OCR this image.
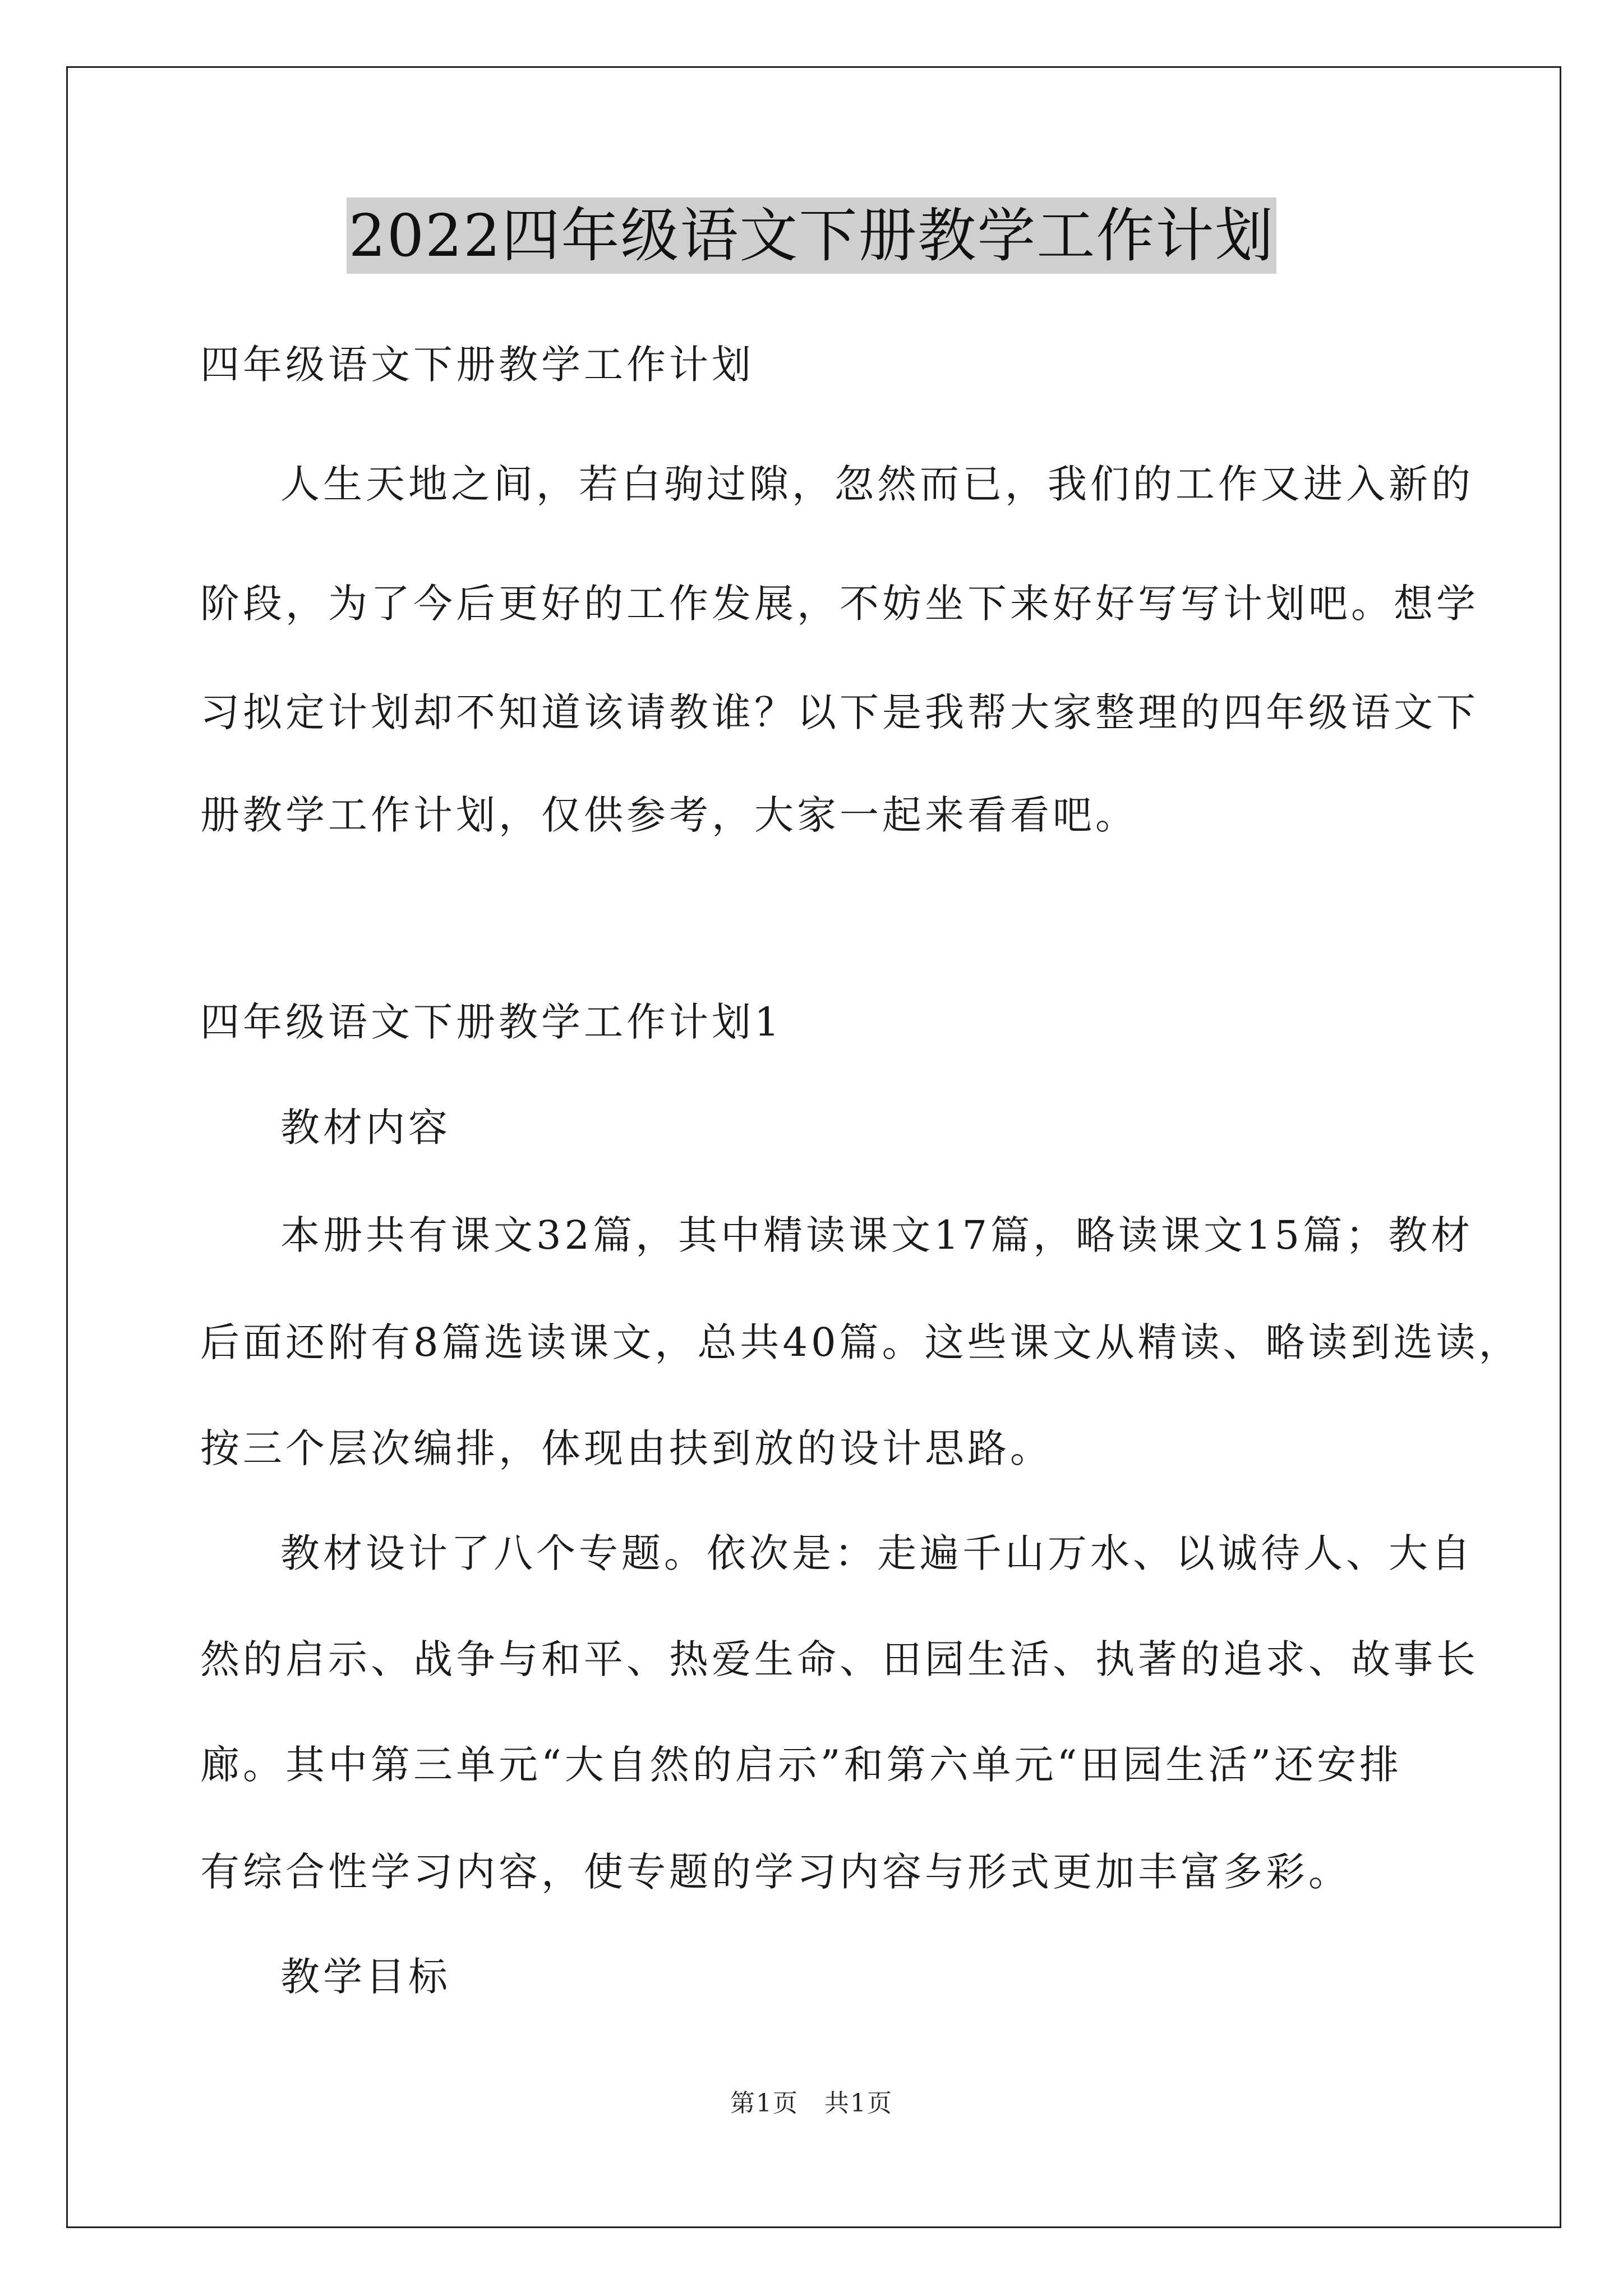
2022四年级语文下册教学工作计划
四年级语文下册教学工作计划
人生天地之间，若白驹过隙，忽然而已，我们的工作又进入新的
阶段，为了今后更好的工作发展，不妨坐下来好好写写计划吧。想学
习拟定计划却不知道该请教谁？以下是我帮大家整理的四年级语文下
册教学工作计划，仅供参考，大家一起来看看吧。
四年级语文下册教学工作计划1
教材内容
本册共有课文32篇，其中精读课文17篇，略读课文15篇；教材
后面还附有8篇选读课文，总共40篇。这些课文从精读、略读到选读，
按三个层次编排，体现由扶到放的设计思路。
教材设计了八个专题。依次是：走遍千山万水、以诚待人、大自
然的启示、战争与和平、热爱生命、田园生活、执著的追求、故事长
廊。其中第三单元“大自然的启示”和第六单元“田园生活”还安排
有综合性学习内容，使专题的学习内容与形式更加丰富多彩。
教学目标
第1页　共1页
